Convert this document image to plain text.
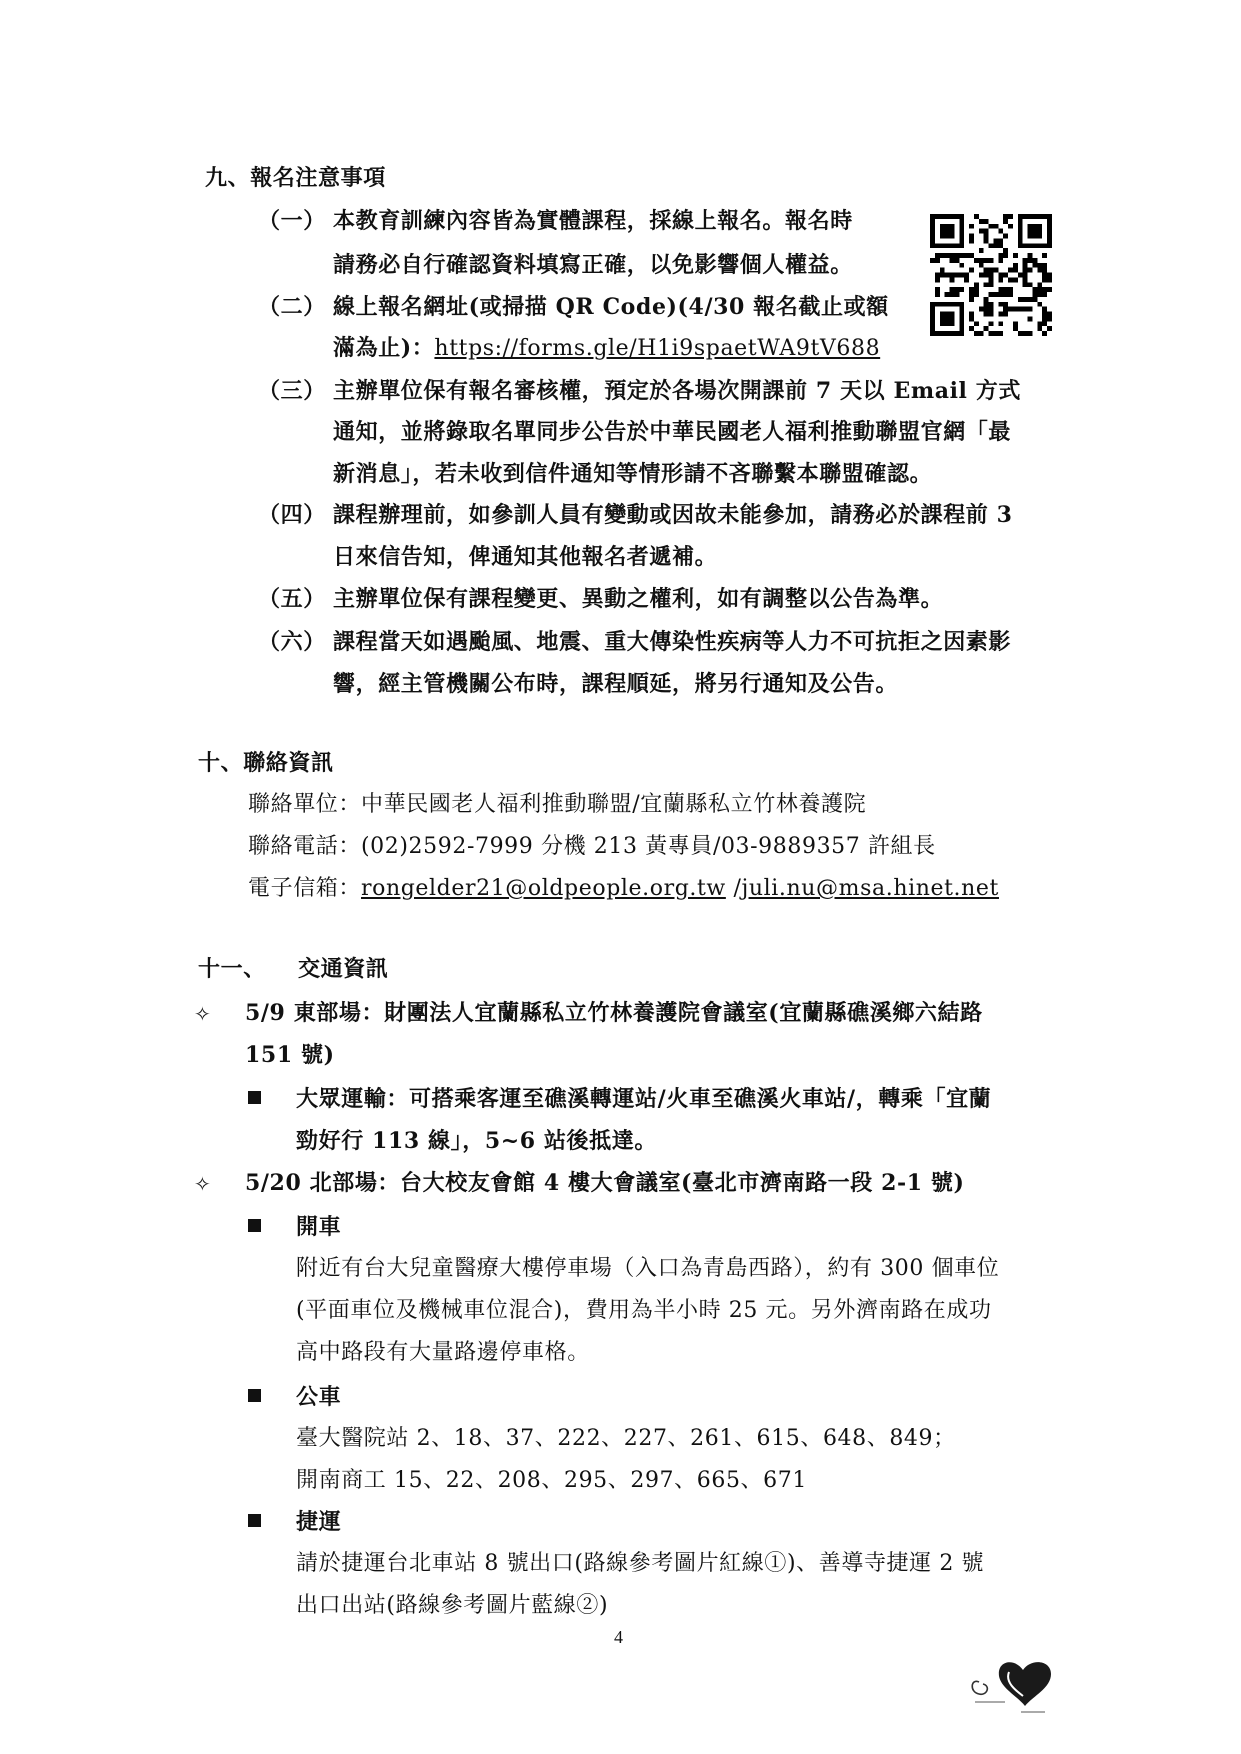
九、報名注意事項
（一） 本教育訓練內容皆為實體課程，採線上報名。報名時
請務必自行確認資料填寫正確，以免影響個人權益。
（二） 線上報名網址(或掃描 QR Code)(4/30 報名截止或額
滿為止)：https://forms.gle/H1i9spaetWA9tV688
（三） 主辦單位保有報名審核權，預定於各場次開課前 7 天以 Email 方式
通知，並將錄取名單同步公告於中華民國老人福利推動聯盟官網「最
新消息」，若未收到信件通知等情形請不吝聯繫本聯盟確認。
（四） 課程辦理前，如參訓人員有變動或因故未能參加，請務必於課程前 3
日來信告知，俾通知其他報名者遞補。
（五） 主辦單位保有課程變更、異動之權利，如有調整以公告為準。
（六） 課程當天如遇颱風、地震、重大傳染性疾病等人力不可抗拒之因素影
響，經主管機關公布時，課程順延，將另行通知及公告。
十、聯絡資訊
聯絡單位：中華民國老人福利推動聯盟/宜蘭縣私立竹林養護院
聯絡電話：(02)2592-7999 分機 213 黃專員/03-9889357 許組長
電子信箱：rongelder21@oldpeople.org.tw /juli.nu@msa.hinet.net
十一、 交通資訊
✧ 5/9 東部場：財團法人宜蘭縣私立竹林養護院會議室(宜蘭縣礁溪鄉六結路
151 號)
大眾運輸：可搭乘客運至礁溪轉運站/火車至礁溪火車站/，轉乘「宜蘭
勁好行 113 線」，5~6 站後抵達。
✧ 5/20 北部場：台大校友會館 4 樓大會議室(臺北市濟南路一段 2-1 號)
開車
附近有台大兒童醫療大樓停車場（入口為青島西路），約有 300 個車位
(平面車位及機械車位混合)，費用為半小時 25 元。另外濟南路在成功
高中路段有大量路邊停車格。
公車
臺大醫院站 2、18、37、222、227、261、615、648、849；
開南商工 15、22、208、295、297、665、671
捷運
請於捷運台北車站 8 號出口(路線參考圖片紅線①)、善導寺捷運 2 號
出口出站(路線參考圖片藍線②)
4
